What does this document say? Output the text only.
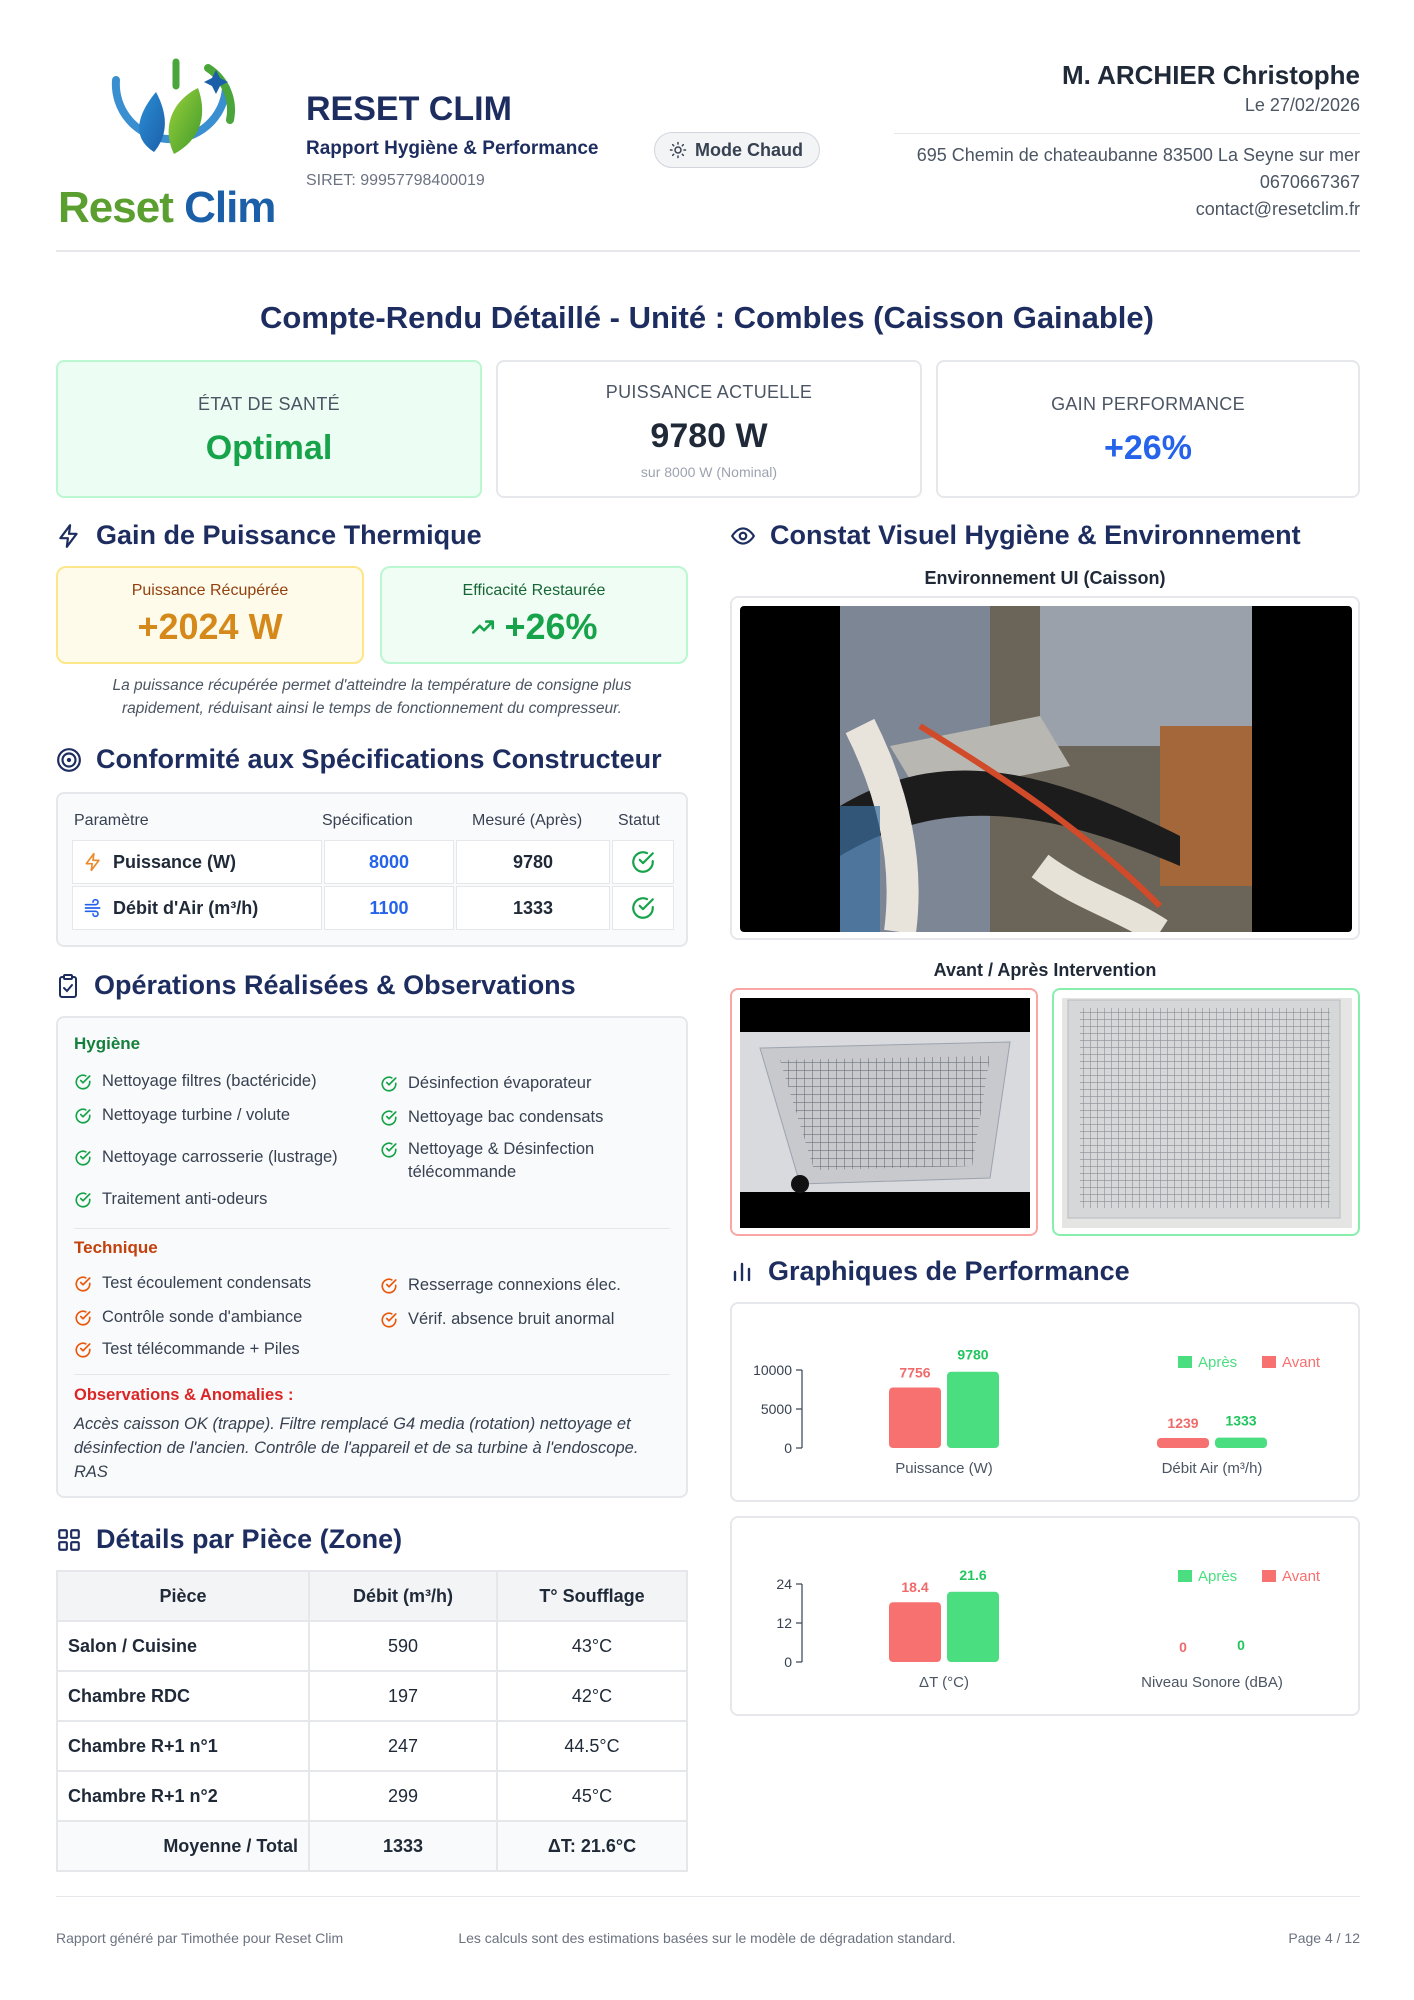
Reset Clim
RESET CLIM
Rapport Hygiène & Performance	Mode Chaud
SIRET: 99957798400019
M. ARCHIER Christophe
Le 27/02/2026
695 Chemin de chateaubanne 83500 La Seyne sur mer
0670667367
contact@resetclim.fr
Compte-Rendu Détaillé - Unité : Combles (Caisson Gainable)
ÉTAT DE SANTÉ
Optimal
PUISSANCE ACTUELLE
9780 W
sur 8000 W (Nominal)
GAIN PERFORMANCE
+26%
Gain de Puissance Thermique
Puissance Récupérée
+2024 W
Efficacité Restaurée
+26%
La puissance récupérée permet d'atteindre la température de consigne plus rapidement, réduisant ainsi le temps de fonctionnement du compresseur.
Conformité aux Spécifications Constructeur
Paramètre	Spécification	Mesuré (Après) Statut
Puissance (W)	8000	9780
Débit d'Air (m³/h)	1100	1333
Opérations Réalisées & Observations
Hygiène
Technique
Observations & Anomalies :
Accès caisson OK (trappe). Filtre remplacé G4 media (rotation) nettoyage et désinfection de l'ancien. Contrôle de l'appareil et de sa turbine à l'endoscope. RAS
Nettoyage filtres (bactéricide)
Nettoyage turbine / volute
Nettoyage carrosserie (lustrage)
Traitement anti-odeurs
Désinfection évaporateur
Nettoyage bac condensats
Nettoyage & Désinfection télécommande
Test écoulement condensats
Contrôle sonde d'ambiance
Test télécommande + Piles
Resserrage connexions élec.
Vérif. absence bruit anormal
Détails par Pièce (Zone)
Pièce	Débit (m³/h)	T° Soufflage
Salon / Cuisine	590	43°C
Chambre RDC	197	42°C
Chambre R+1 n°1	247	44.5°C
Chambre R+1 n°2	299	45°C
Moyenne / Total	1333	ΔT: 21.6°C
Constat Visuel Hygiène & Environnement
Environnement UI (Caisson)
Avant / Après Intervention
Graphiques de Performance
0
5000
10000	7756
9780
Puissance (W)
1239 1333
Débit Air (m³/h)
Après	Avant
0
12
24	18.4
21.6
ΔT (°C)
0	0
Niveau Sonore (dBA)
Après	Avant
Rapport généré par Timothée pour Reset Clim	Les calculs sont des estimations basées sur le modèle de dégradation standard.	Page 4 / 12
